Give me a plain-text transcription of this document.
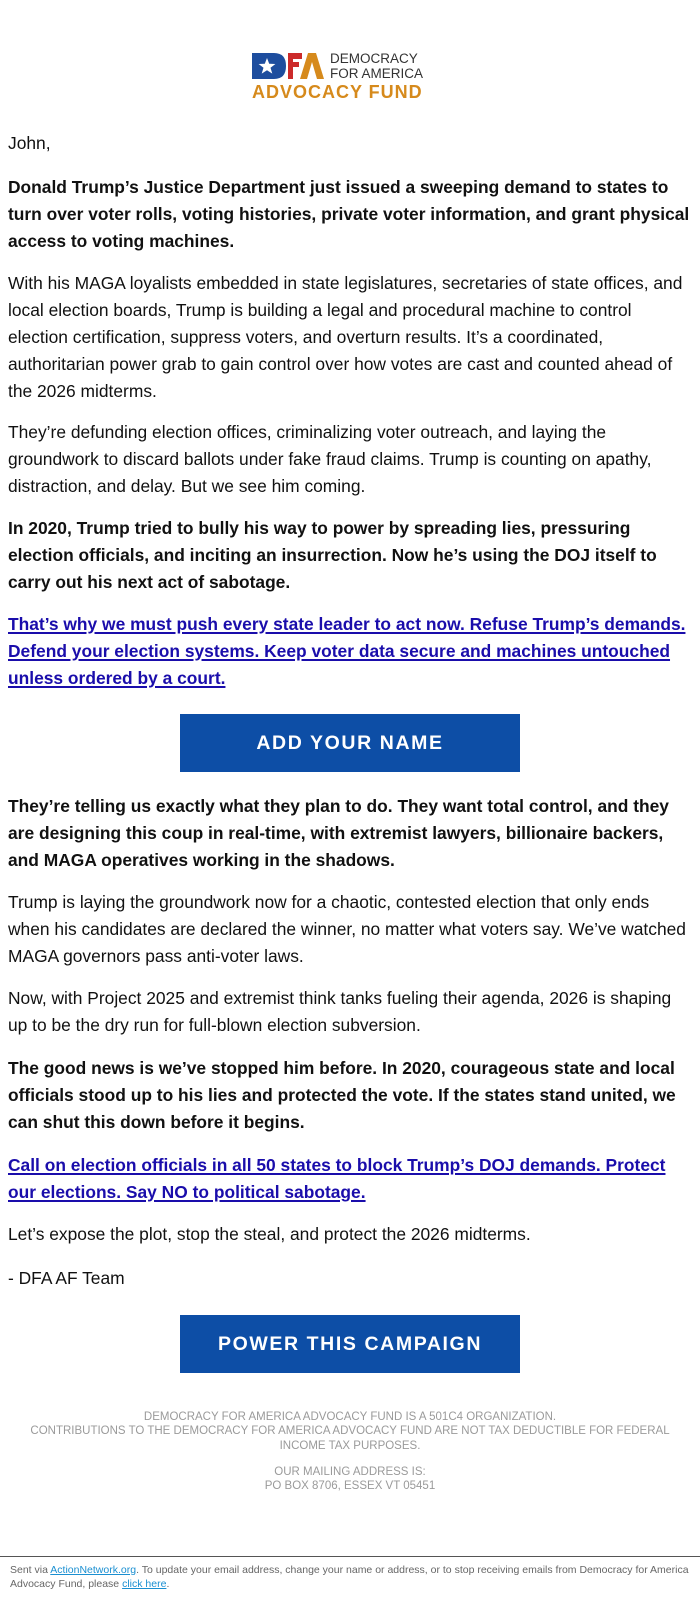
DEMOCRACY
FOR AMERICA
ADVOCACY FUND

John,

Donald Trump’s Justice Department just issued a sweeping demand to states to turn over voter rolls, voting histories, private voter information, and grant physical access to voting machines.

With his MAGA loyalists embedded in state legislatures, secretaries of state offices, and local election boards, Trump is building a legal and procedural machine to control election certification, suppress voters, and overturn results. It’s a coordinated, authoritarian power grab to gain control over how votes are cast and counted ahead of the 2026 midterms.

They’re defunding election offices, criminalizing voter outreach, and laying the groundwork to discard ballots under fake fraud claims. Trump is counting on apathy, distraction, and delay. But we see him coming.

In 2020, Trump tried to bully his way to power by spreading lies, pressuring election officials, and inciting an insurrection. Now he’s using the DOJ itself to carry out his next act of sabotage.

That’s why we must push every state leader to act now. Refuse Trump’s demands. Defend your election systems. Keep voter data secure and machines untouched unless ordered by a court.

ADD YOUR NAME

They’re telling us exactly what they plan to do. They want total control, and they are designing this coup in real-time, with extremist lawyers, billionaire backers, and MAGA operatives working in the shadows.

Trump is laying the groundwork now for a chaotic, contested election that only ends when his candidates are declared the winner, no matter what voters say. We’ve watched MAGA governors pass anti-voter laws.

Now, with Project 2025 and extremist think tanks fueling their agenda, 2026 is shaping up to be the dry run for full-blown election subversion.

The good news is we’ve stopped him before. In 2020, courageous state and local officials stood up to his lies and protected the vote. If the states stand united, we can shut this down before it begins.

Call on election officials in all 50 states to block Trump’s DOJ demands. Protect our elections. Say NO to political sabotage.

Let’s expose the plot, stop the steal, and protect the 2026 midterms.

- DFA AF Team

POWER THIS CAMPAIGN
DEMOCRACY FOR AMERICA ADVOCACY FUND IS A 501C4 ORGANIZATION.
CONTRIBUTIONS TO THE DEMOCRACY FOR AMERICA ADVOCACY FUND ARE NOT TAX DEDUCTIBLE FOR FEDERAL INCOME TAX PURPOSES.
OUR MAILING ADDRESS IS:
PO BOX 8706, ESSEX VT 05451
Sent via ActionNetwork.org. To update your email address, change your name or address, or to stop receiving emails from Democracy for America Advocacy Fund, please click here.
